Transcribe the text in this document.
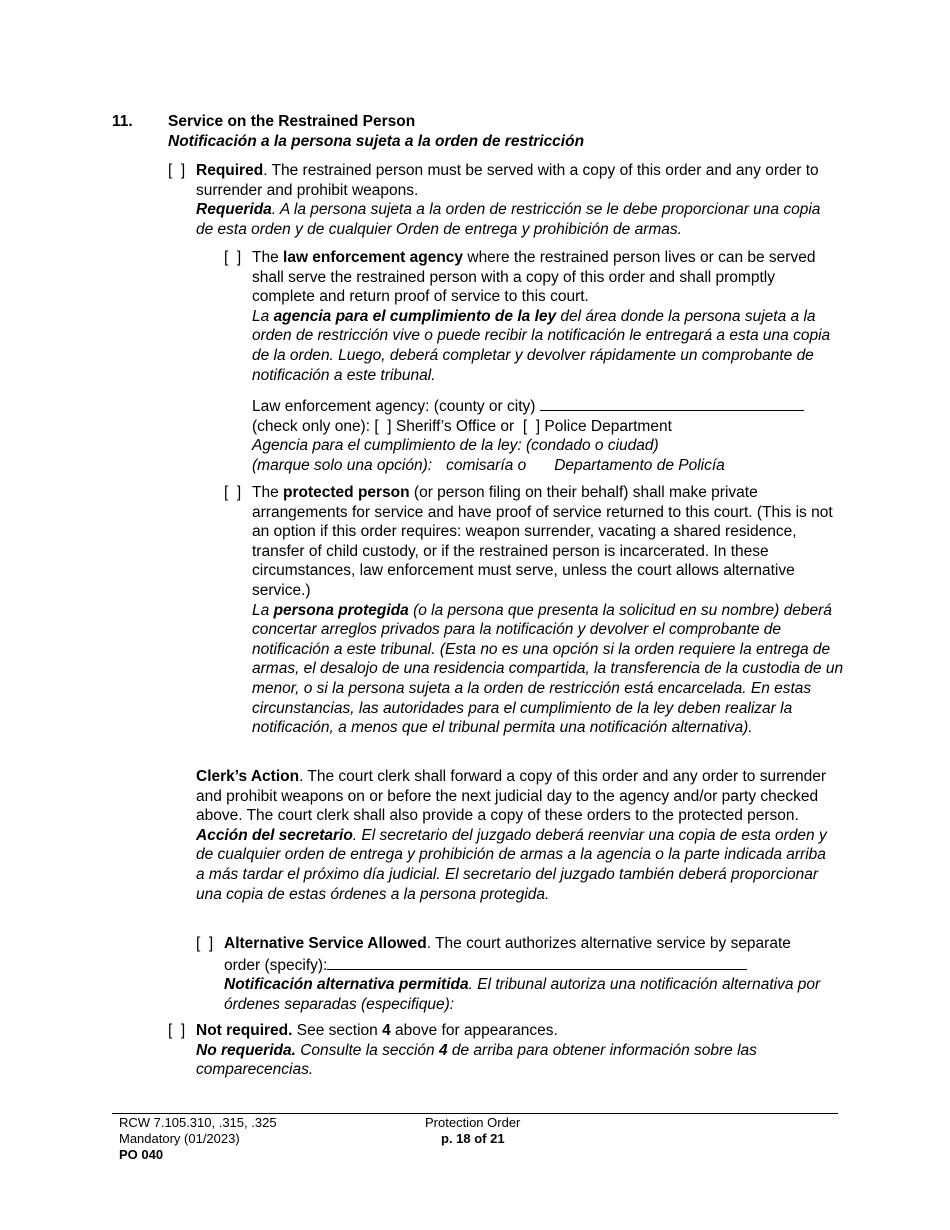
11. Service on the Restrained Person

Notificación a la persona sujeta a la orden de restricción

[  ] Required. The restrained person must be served with a copy of this order and any order to surrender and prohibit weapons.

Requerida. A la persona sujeta a la orden de restricción se le debe proporcionar una copia de esta orden y de cualquier Orden de entrega y prohibición de armas.

[  ] The law enforcement agency where the restrained person lives or can be served shall serve the restrained person with a copy of this order and shall promptly complete and return proof of service to this court.

La agencia para el cumplimiento de la ley del área donde la persona sujeta a la orden de restricción vive o puede recibir la notificación le entregará a esta una copia de la orden. Luego, deberá completar y devolver rápidamente un comprobante de notificación a este tribunal.

Law enforcement agency: (county or city)

(check only one): [  ] Sheriff’s Office or [  ] Police Department

Agencia para el cumplimiento de la ley: (condado o ciudad)

(marque solo una opción): comisaría o Departamento de Policía

[  ] The protected person (or person filing on their behalf) shall make private arrangements for service and have proof of service returned to this court. (This is not an option if this order requires: weapon surrender, vacating a shared residence, transfer of child custody, or if the restrained person is incarcerated. In these circumstances, law enforcement must serve, unless the court allows alternative service.)

La persona protegida (o la persona que presenta la solicitud en su nombre) deberá concertar arreglos privados para la notificación y devolver el comprobante de notificación a este tribunal. (Esta no es una opción si la orden requiere la entrega de armas, el desalojo de una residencia compartida, la transferencia de la custodia de un menor, o si la persona sujeta a la orden de restricción está encarcelada. En estas circunstancias, las autoridades para el cumplimiento de la ley deben realizar la notificación, a menos que el tribunal permita una notificación alternativa).

Clerk’s Action. The court clerk shall forward a copy of this order and any order to surrender and prohibit weapons on or before the next judicial day to the agency and/or party checked above. The court clerk shall also provide a copy of these orders to the protected person.

Acción del secretario. El secretario del juzgado deberá reenviar una copia de esta orden y de cualquier orden de entrega y prohibición de armas a la agencia o la parte indicada arriba a más tardar el próximo día judicial. El secretario del juzgado también deberá proporcionar una copia de estas órdenes a la persona protegida.

[  ] Alternative Service Allowed. The court authorizes alternative service by separate order (specify):

Notificación alternativa permitida. El tribunal autoriza una notificación alternativa por órdenes separadas (especifique):

[  ] Not required. See section 4 above for appearances.

No requerida. Consulte la sección 4 de arriba para obtener información sobre las comparecencias.

RCW 7.105.310, .315, .325
Mandatory (01/2023)
PO 040
Protection Order
p. 18 of 21
